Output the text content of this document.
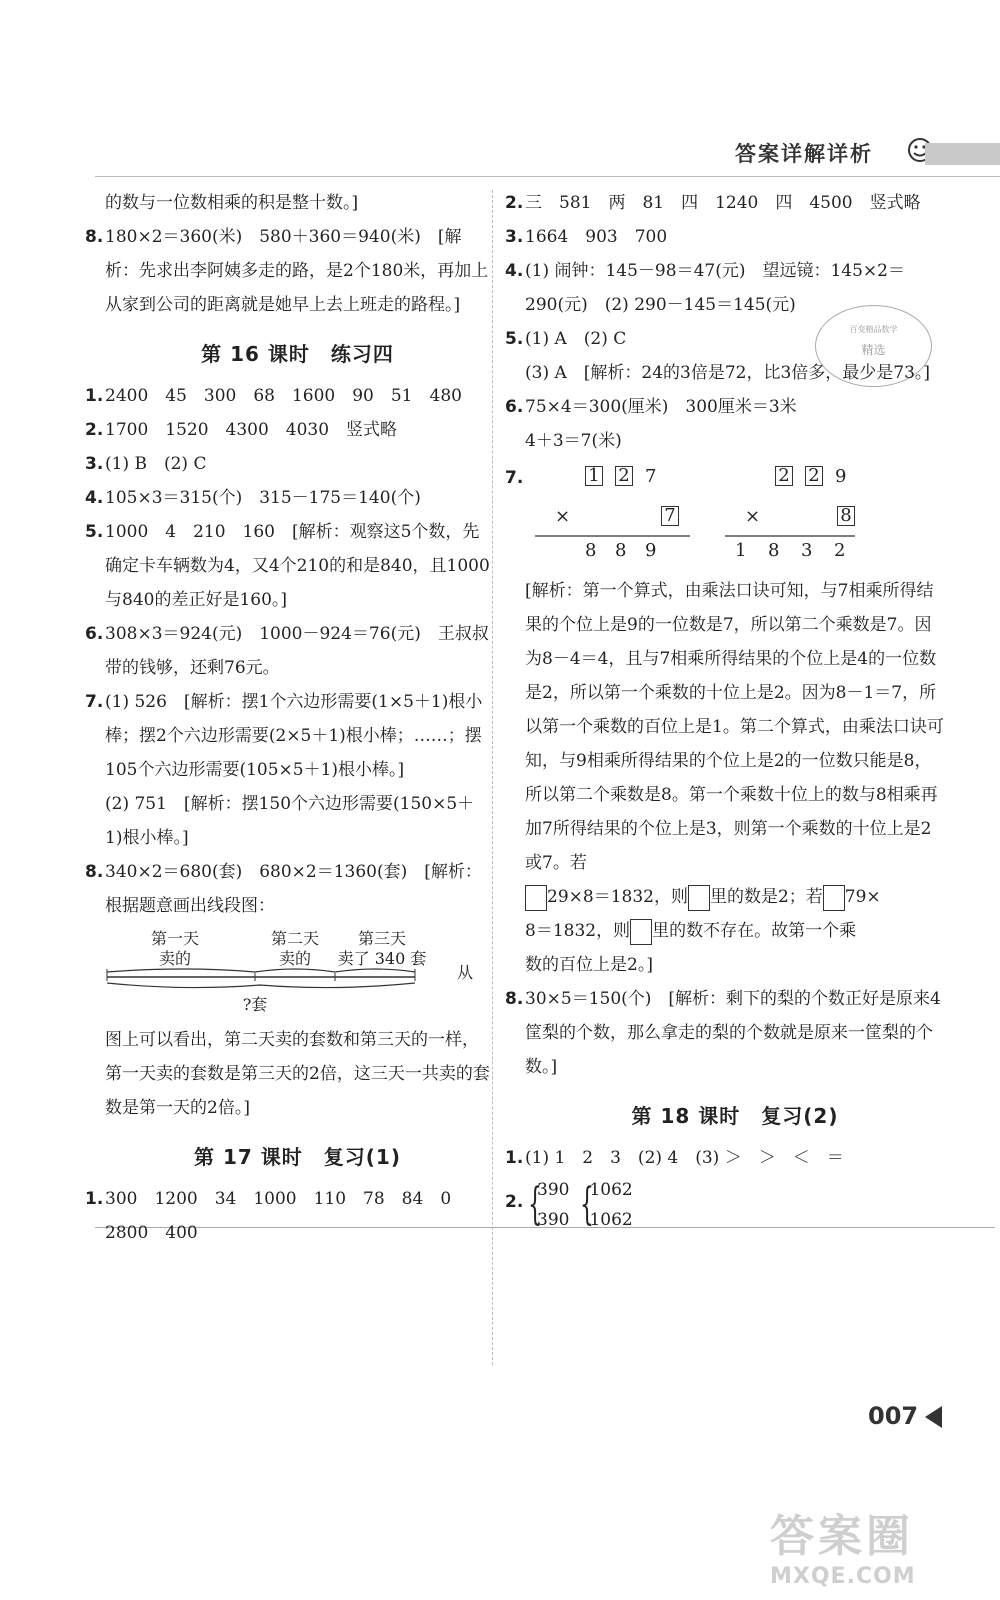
答案详解详析
百变精品数学
精选

的数与一位数相乘的积是整十数。]

8. 180×2＝360(米)　580＋360＝940(米)　[解析：先求出李阿姨多走的路，是2个180米，再加上从家到公司的距离就是她早上去上班走的路程。]

第 16 课时　练习四

1. 2400　45　300　68　1600　90　51　480

2. 1700　1520　4300　4030　竖式略

3. (1) B　(2) C

4. 105×3＝315(个)　315－175＝140(个)

5. 1000　4　210　160　[解析：观察这5个数，先确定卡车辆数为4，又4个210的和是840，且1000与840的差正好是160。]

6. 308×3＝924(元)　1000－924＝76(元)　王叔叔带的钱够，还剩76元。

7. (1) 526　[解析：摆1个六边形需要(1×5＋1)根小棒；摆2个六边形需要(2×5＋1)根小棒；……；摆105个六边形需要(105×5＋1)根小棒。]

(2) 751　[解析：摆150个六边形需要(150×5＋1)根小棒。]

8. 340×2＝680(套)　680×2＝1360(套)　[解析：根据题意画出线段图：

第一天
卖的
第二天
卖的
第三天
卖了 340 套
?套
从

图上可以看出，第二天卖的套数和第三天的一样，第一天卖的套数是第三天的2倍，这三天一共卖的套数是第一天的2倍。]

第 17 课时　复习(1)

1. 300　1200　34　1000　110　78　84　0　2800　400

2. 三　581　两　81　四　1240　四　4500　竖式略

3. 1664　903　700

4. (1) 闹钟：145－98＝47(元)　望远镜：145×2＝290(元)　(2) 290－145＝145(元)

5. (1) A　(2) C

(3) A　[解析：24的3倍是72，比3倍多，最少是73。]

6. 75×4＝300(厘米)　300厘米＝3米

4＋3＝7(米)

7.	1 2 7
×	7
8 8 9
2 2 9
×	8
1 8 3 2

[解析：第一个算式，由乘法口诀可知，与7相乘所得结果的个位上是9的一位数是7，所以第二个乘数是7。因为8－4＝4，且与7相乘所得结果的个位上是4的一位数是2，所以第一个乘数的十位上是2。因为8－1＝7，所以第一个乘数的百位上是1。第二个算式，由乘法口诀可知，与9相乘所得结果的个位上是2的一位数只能是8，所以第二个乘数是8。第一个乘数十位上的数与8相乘再加7所得结果的个位上是3，则第一个乘数的十位上是2或7。若

29×8＝1832，则 里的数是2；若 79×

8＝1832，则 里的数不存在。故第一个乘

数的百位上是2。]

8. 30×5＝150(个)　[解析：剩下的梨的个数正好是原来4筐梨的个数，那么拿走的梨的个数就是原来一筐梨的个数。]

第 18 课时　复习(2)

1. (1) 1　2　3　(2) 4　(3) ＞　＞　＜　＝

2. {
390
390 {
1062
1062
007
答案圈
MXQE.COM
